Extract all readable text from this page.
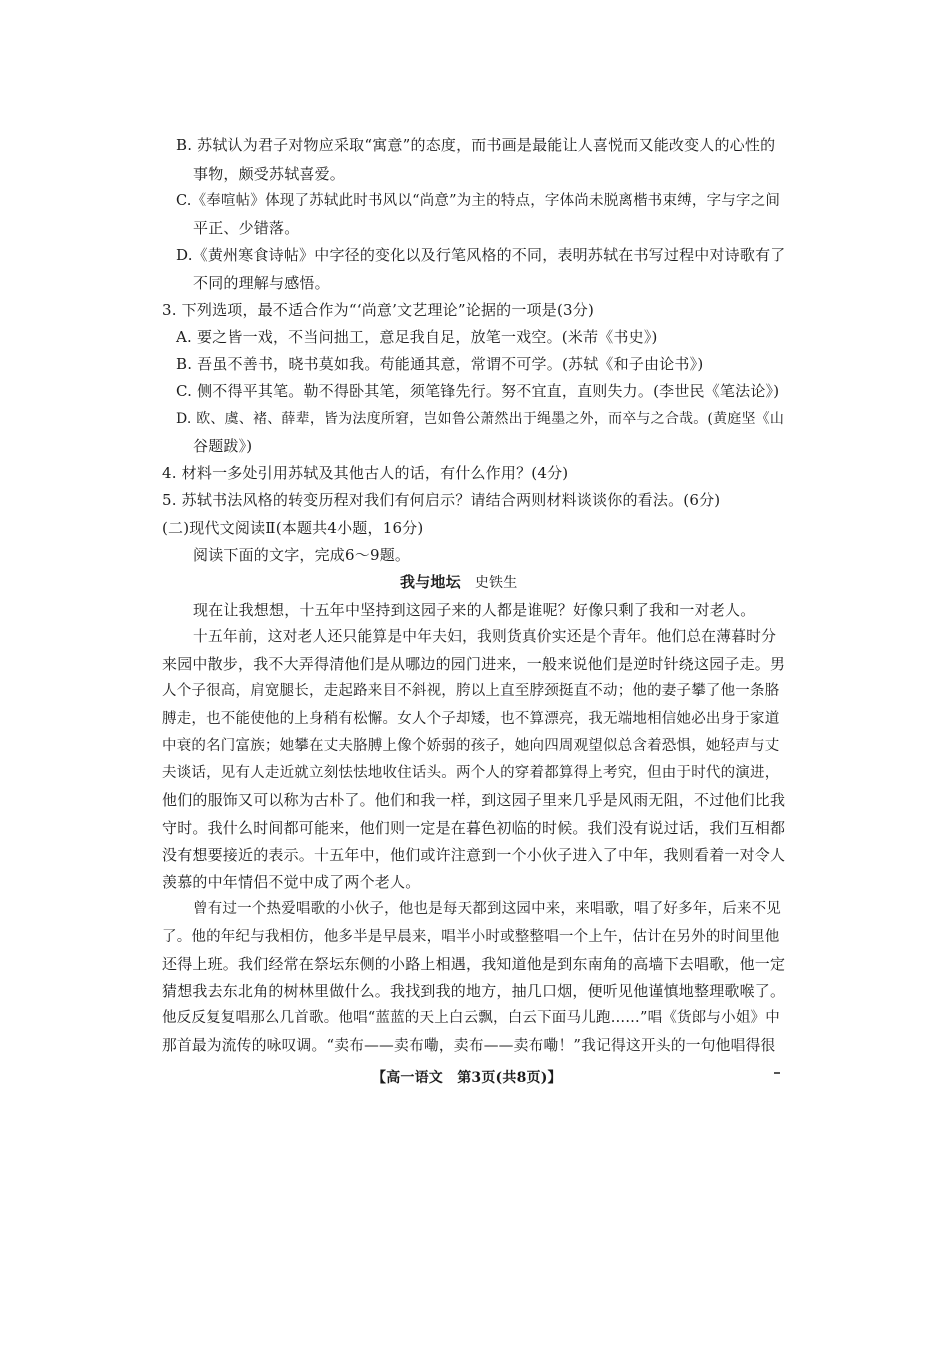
B. 苏轼认为君子对物应采取“寓意”的态度，而书画是最能让人喜悦而又能改变人的心性的
事物，颇受苏轼喜爱。
C.《奉喧帖》体现了苏轼此时书风以“尚意”为主的特点，字体尚未脱离楷书束缚，字与字之间
平正、少错落。
D.《黄州寒食诗帖》中字径的变化以及行笔风格的不同，表明苏轼在书写过程中对诗歌有了
不同的理解与感悟。
3. 下列选项，最不适合作为“‘尚意’文艺理论”论据的一项是(3分)
A. 要之皆一戏，不当问拙工，意足我自足，放笔一戏空。(米芾《书史》)
B. 吾虽不善书，晓书莫如我。苟能通其意，常谓不可学。(苏轼《和子由论书》)
C. 侧不得平其笔。勒不得卧其笔，须笔锋先行。努不宜直，直则失力。(李世民《笔法论》)
D. 欧、虞、褚、薛辈，皆为法度所窘，岂如鲁公萧然出于绳墨之外，而卒与之合哉。(黄庭坚《山
谷题跋》)
4. 材料一多处引用苏轼及其他古人的话，有什么作用？(4分)
5. 苏轼书法风格的转变历程对我们有何启示？请结合两则材料谈谈你的看法。(6分)
(二)现代文阅读Ⅱ(本题共4小题，16分)
阅读下面的文字，完成6～9题。
我与地坛 史铁生
现在让我想想，十五年中坚持到这园子来的人都是谁呢？好像只剩了我和一对老人。
十五年前，这对老人还只能算是中年夫妇，我则货真价实还是个青年。他们总在薄暮时分
来园中散步，我不大弄得清他们是从哪边的园门进来，一般来说他们是逆时针绕这园子走。男
人个子很高，肩宽腿长，走起路来目不斜视，胯以上直至脖颈挺直不动；他的妻子攀了他一条胳
膊走，也不能使他的上身稍有松懈。女人个子却矮，也不算漂亮，我无端地相信她必出身于家道
中衰的名门富族；她攀在丈夫胳膊上像个娇弱的孩子，她向四周观望似总含着恐惧，她轻声与丈
夫谈话，见有人走近就立刻怯怯地收住话头。两个人的穿着都算得上考究，但由于时代的演进，
他们的服饰又可以称为古朴了。他们和我一样，到这园子里来几乎是风雨无阻，不过他们比我
守时。我什么时间都可能来，他们则一定是在暮色初临的时候。我们没有说过话，我们互相都
没有想要接近的表示。十五年中，他们或许注意到一个小伙子进入了中年，我则看着一对令人
羡慕的中年情侣不觉中成了两个老人。
曾有过一个热爱唱歌的小伙子，他也是每天都到这园中来，来唱歌，唱了好多年，后来不见
了。他的年纪与我相仿，他多半是早晨来，唱半小时或整整唱一个上午，估计在另外的时间里他
还得上班。我们经常在祭坛东侧的小路上相遇，我知道他是到东南角的高墙下去唱歌，他一定
猜想我去东北角的树林里做什么。我找到我的地方，抽几口烟，便听见他谨慎地整理歌喉了。
他反反复复唱那么几首歌。他唱“蓝蓝的天上白云飘，白云下面马儿跑……”唱《货郎与小姐》中
那首最为流传的咏叹调。“卖布——卖布嘞，卖布——卖布嘞！”我记得这开头的一句他唱得很
【高一语文　第3页(共8页)】
